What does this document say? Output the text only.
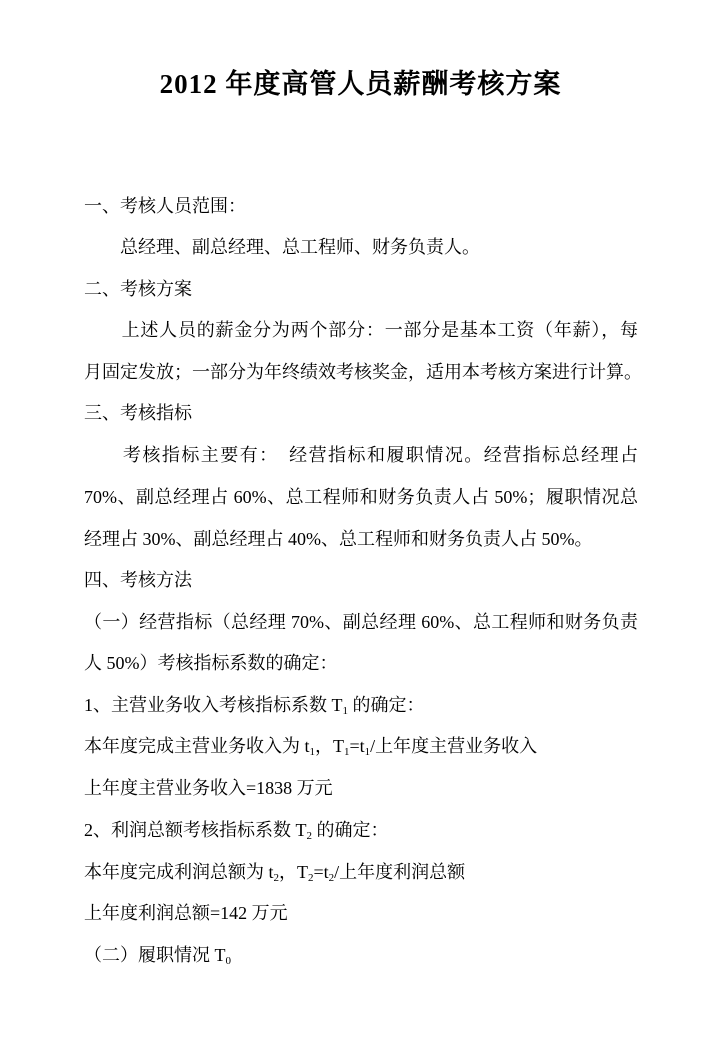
2012 年度高管人员薪酬考核方案
一、考核人员范围：
　　总经理、副总经理、总工程师、财务负责人。
二、考核方案
　　上述人员的薪金分为两个部分：一部分是基本工资（年薪），每
月固定发放；一部分为年终绩效考核奖金，适用本考核方案进行计算。
三、考核指标
　　考核指标主要有：　经营指标和履职情况。经营指标总经理占
70%、副总经理占 60%、总工程师和财务负责人占 50%；履职情况总
经理占 30%、副总经理占 40%、总工程师和财务负责人占 50%。
四、考核方法
（一）经营指标（总经理 70%、副总经理 60%、总工程师和财务负责
人 50%）考核指标系数的确定：
1、主营业务收入考核指标系数 $T_1$ 的确定：
本年度完成主营业务收入为 $t_1$，$T_1=t_1/$上年度主营业务收入
上年度主营业务收入=1838 万元
2、利润总额考核指标系数 $T_2$ 的确定：
本年度完成利润总额为 $t_2$，$T_2=t_2/$上年度利润总额
上年度利润总额=142 万元
（二）履职情况 $T_0$
